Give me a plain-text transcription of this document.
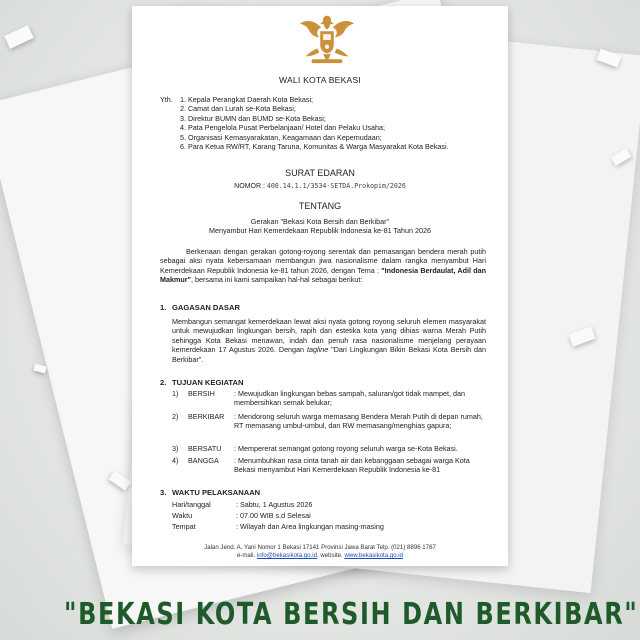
WALI KOTA BEKASI
Yth. 1. Kepala Perangkat Daerah Kota Bekasi;
2. Camat dan Lurah se-Kota Bekasi;
3. Direktur BUMN dan BUMD se-Kota Bekasi;
4. Pata Pengelola Pusat Perbelanjaan/ Hotel dan Pelaku Usaha;
5. Organisasi Kemasyarakatan, Keagamaan dan Kepemudaan;
6. Para Ketua RW/RT, Karang Taruna, Komunitas & Warga Masyarakat Kota Bekasi.
SURAT EDARAN
NOMOR : 400.14.1.1/3534-SETDA.Prokopim/2026
TENTANG
Gerakan "Bekasi Kota Bersih dan Berkibar"
Menyambut Hari Kemerdekaan Republik Indonesia ke-81 Tahun 2026
Berkenaan dengan gerakan gotong-royong serentak dan pemasangan bendera merah putih sebagai aksi nyata kebersamaan membangun jiwa nasionalisme dalam rangka menyambut Hari Kemerdekaan Republik Indonesia ke-81 tahun 2026, dengan Tema : "Indonesia Berdaulat, Adil dan Makmur", bersama ini kami sampaikan hal-hal sebagai berikut:
1. GAGASAN DASAR
Membangun semangat kemerdekaan lewat aksi nyata gotong royong seluruh elemen masyarakat untuk mewujudkan lingkungan bersih, rapih dan estetika kota yang dihias warna Merah Putih sehingga Kota Bekasi menawan, indah dan penuh rasa nasionalisme menjelang perayaan kemerdekaan 17 Agustus 2026. Dengan tagline "Dari Lingkungan Bikin Bekasi Kota Bersih dan Berkibar".
2. TUJUAN KEGIATAN
1) BERSIH	: Mewujudkan lingkungan bebas sampah, saluran/got tidak mampet, dan membersihkan semak belukar;
2) BERKIBAR : Mendorong seluruh warga memasang Bendera Merah Putih di depan rumah, RT memasang umbul-umbul, dan RW memasang/menghias gapura;
3) BERSATU : Mempererat semangat gotong royong seluruh warga se-Kota Bekasi.
4) BANGGA : Menumbuhkan rasa cinta tanah air dan kebanggaan sebagai warga Kota Bekasi menyambut Hari Kemerdekaan Republik Indonesia ke-81
3. WAKTU PELAKSANAAN
Hari/tanggal	: Sabtu, 1 Agustus 2026
Waktu	: 07.00 WIB s.d Selesai
Tempat	: Wilayah dan Area lingkungan masing-masing
Jalan Jend. A. Yani Nomor 1 Bekasi 17141 Provinsi Jawa Barat Telp. (021) 8896 1767
e-mail. info@bekasikota.go.id, website. www.bekasikota.go.id
"BEKASI KOTA BERSIH DAN BERKIBAR"
